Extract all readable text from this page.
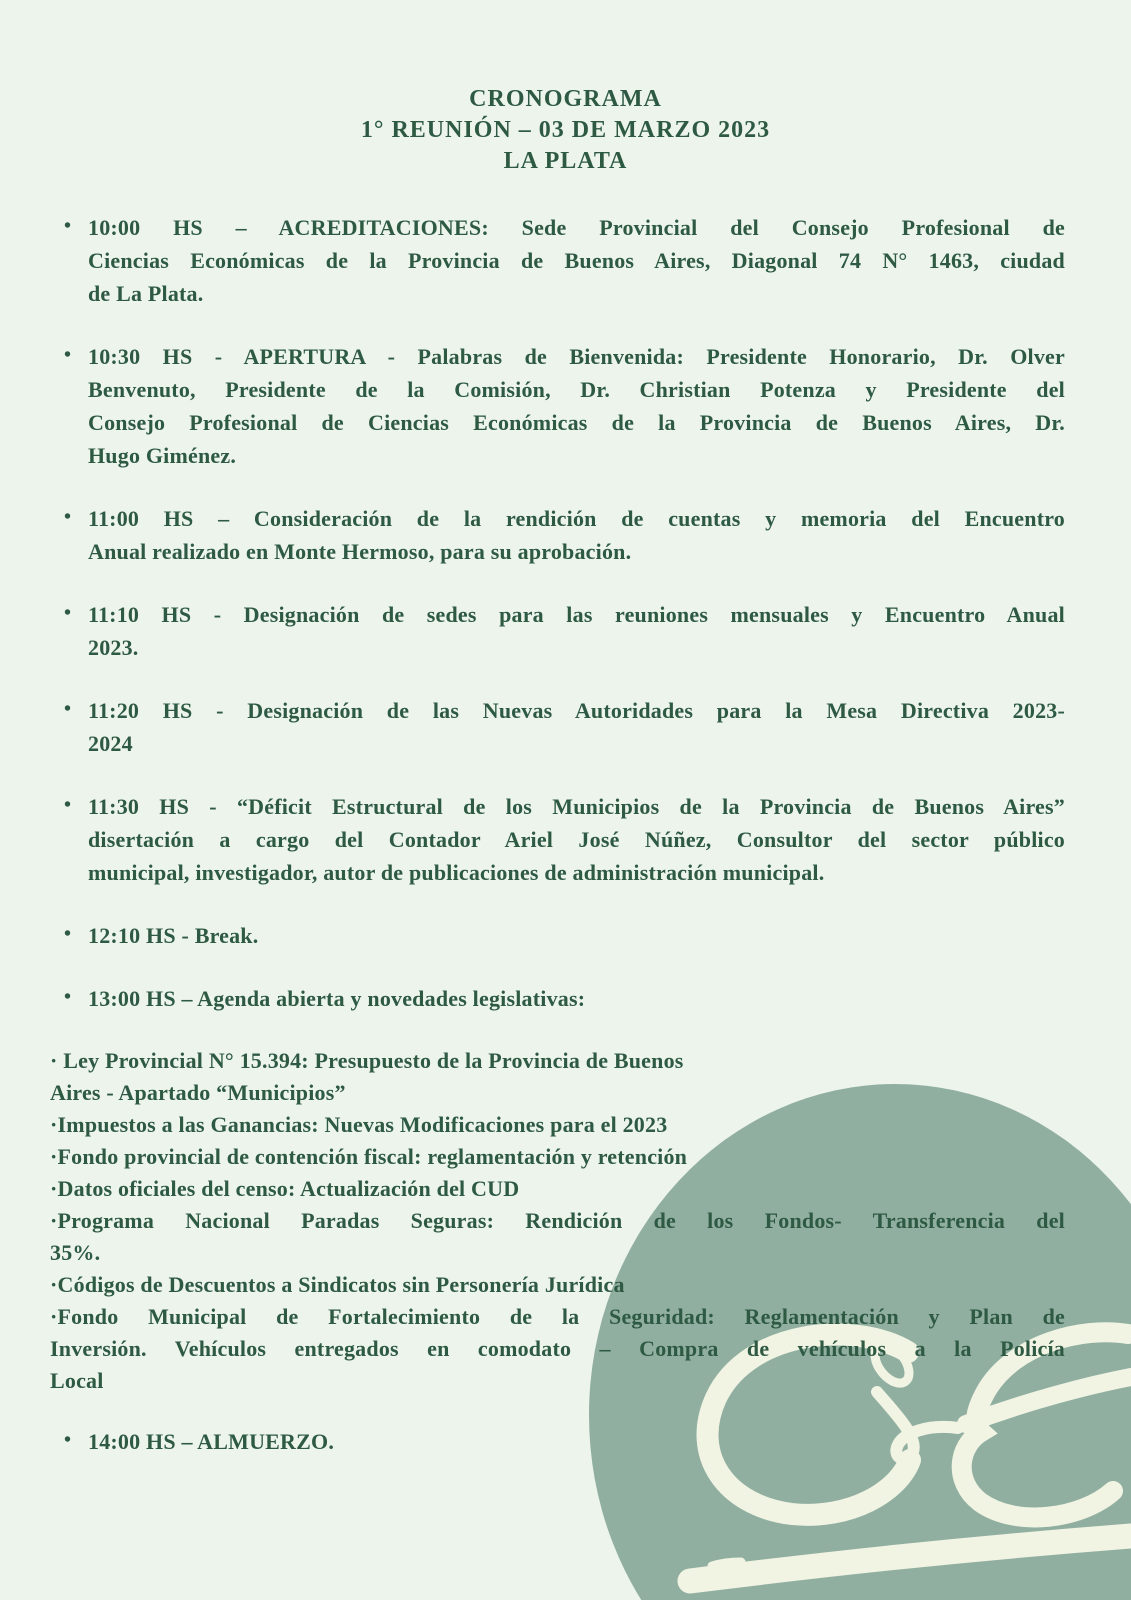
CRONOGRAMA
1° REUNIÓN – 03 DE MARZO 2023
LA PLATA
• 10:00 HS – ACREDITACIONES: Sede Provincial del Consejo Profesional de
Ciencias Económicas de la Provincia de Buenos Aires, Diagonal 74 N° 1463, ciudad
de La Plata.
• 10:30 HS - APERTURA - Palabras de Bienvenida: Presidente Honorario, Dr. Olver
Benvenuto, Presidente de la Comisión, Dr. Christian Potenza y Presidente del
Consejo Profesional de Ciencias Económicas de la Provincia de Buenos Aires, Dr.
Hugo Giménez.
• 11:00 HS – Consideración de la rendición de cuentas y memoria del Encuentro
Anual realizado en Monte Hermoso, para su aprobación.
• 11:10 HS - Designación de sedes para las reuniones mensuales y Encuentro Anual
2023.
• 11:20 HS - Designación de las Nuevas Autoridades para la Mesa Directiva 2023-
2024
• 11:30 HS - “Déficit Estructural de los Municipios de la Provincia de Buenos Aires”
disertación a cargo del Contador Ariel José Núñez, Consultor del sector público
municipal, investigador, autor de publicaciones de administración municipal.
• 12:10 HS - Break.
• 13:00 HS – Agenda abierta y novedades legislativas:
· Ley Provincial N° 15.394: Presupuesto de la Provincia de Buenos
Aires - Apartado “Municipios”
·Impuestos a las Ganancias: Nuevas Modificaciones para el 2023
·Fondo provincial de contención fiscal: reglamentación y retención
·Datos oficiales del censo: Actualización del CUD
·Programa Nacional Paradas Seguras: Rendición de los Fondos- Transferencia del
35%.
·Códigos de Descuentos a Sindicatos sin Personería Jurídica
·Fondo Municipal de Fortalecimiento de la Seguridad: Reglamentación y Plan de
Inversión. Vehículos entregados en comodato – Compra de vehículos a la Policía
Local
• 14:00 HS – ALMUERZO.
